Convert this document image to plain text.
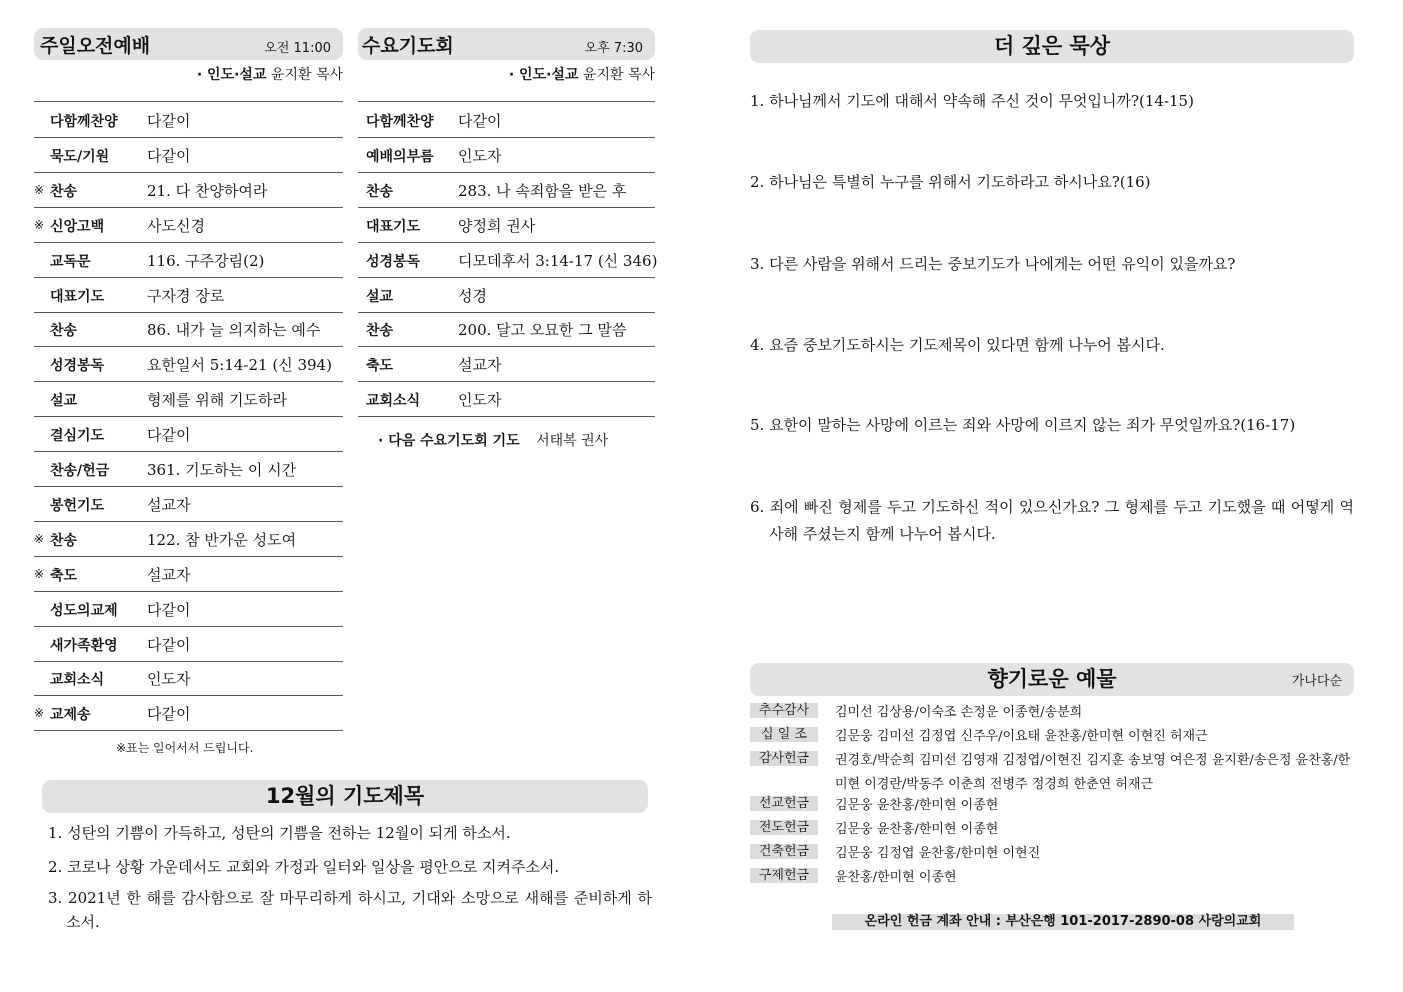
주일오전예배	오전 11:00
· 인도·설교 윤지환 목사
다함께찬양	다같이
묵도/기원	다같이
※ 찬송	21. 다 찬양하여라
※ 신앙고백	사도신경
교독문	116. 구주강림(2)
대표기도	구자경 장로
찬송	86. 내가 늘 의지하는 예수
성경봉독	요한일서 5:14-21 (신 394)
설교	형제를 위해 기도하라
결심기도	다같이
찬송/헌금	361. 기도하는 이 시간
봉헌기도	설교자
※ 찬송	122. 참 반가운 성도여
※ 축도	설교자
성도의교제	다같이
새가족환영	다같이
교회소식	인도자
※ 교제송	다같이
※표는 일어서서 드립니다.
수요기도회	오후 7:30
· 인도·설교 윤지환 목사
다함께찬양 다같이
예배의부름 인도자
찬송	283. 나 속죄함을 받은 후
대표기도	양정희 권사
성경봉독	디모데후서 3:14-17 (신 346)
설교	성경
찬송	200. 달고 오묘한 그 말씀
축도	설교자
교회소식	인도자
· 다음 수요기도회 기도 서태복 권사
12월의 기도제목
1. 성탄의 기쁨이 가득하고, 성탄의 기쁨을 전하는 12월이 되게 하소서.
2. 코로나 상황 가운데서도 교회와 가정과 일터와 일상을 평안으로 지켜주소서.
3. 2021년 한 해를 감사함으로 잘 마무리하게 하시고, 기대와 소망으로 새해를 준비하게 하소서.
더 깊은 묵상
1. 하나님께서 기도에 대해서 약속해 주신 것이 무엇입니까?(14-15)
2. 하나님은 특별히 누구를 위해서 기도하라고 하시나요?(16)
3. 다른 사람을 위해서 드리는 중보기도가 나에게는 어떤 유익이 있을까요?
4. 요즘 중보기도하시는 기도제목이 있다면 함께 나누어 봅시다.
5. 요한이 말하는 사망에 이르는 죄와 사망에 이르지 않는 죄가 무엇일까요?(16-17)
6. 죄에 빠진 형제를 두고 기도하신 적이 있으신가요? 그 형제를 두고 기도했을 때 어떻게 역사해 주셨는지 함께 나누어 봅시다.
향기로운 예물	가나다순
추수감사	김미선 김상용/이숙조 손정운 이종현/송분희
십 일 조	김문웅 김미선 김정엽 신주우/이요태 윤찬홍/한미현 이현진 허재근
감사헌금	권경호/박순희 김미선 김영재 김정엽/이현진 김지훈 송보영 여은정 윤지환/송은정 윤찬홍/한미현 이경란/박동주 이춘희 전병주 정경희 한춘연 허재근
선교헌금	김문웅 윤찬홍/한미현 이종현
전도헌금	김문웅 윤찬홍/한미현 이종현
건축헌금	김문웅 김정엽 윤찬홍/한미현 이현진
구제헌금	윤찬홍/한미현 이종현
온라인 헌금 계좌 안내 : 부산은행 101-2017-2890-08 사랑의교회
